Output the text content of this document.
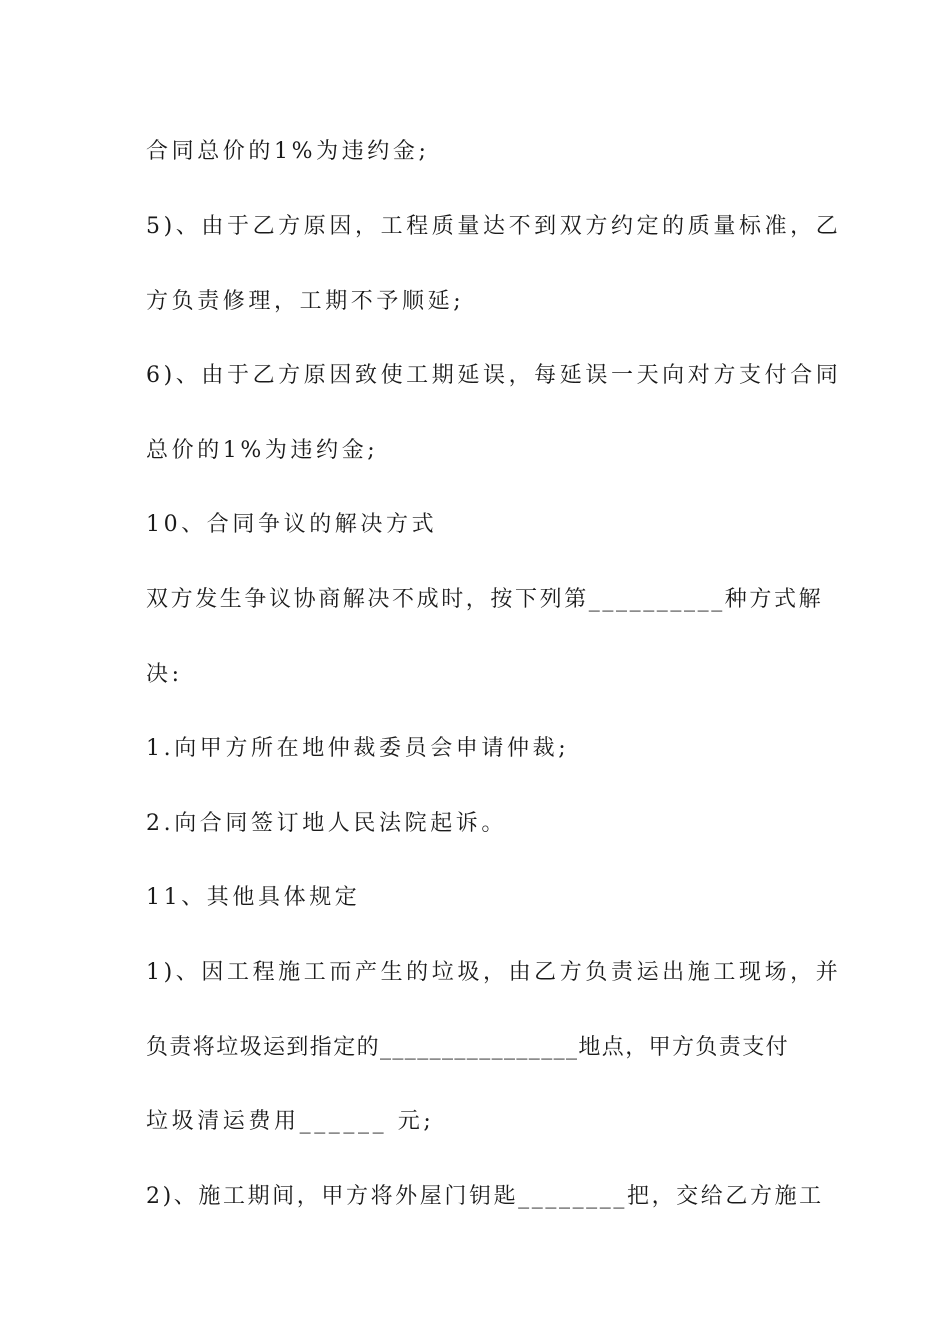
合同总价的1%为违约金;
5)、由于乙方原因，工程质量达不到双方约定的质量标准，乙
方负责修理，工期不予顺延;
6)、由于乙方原因致使工期延误，每延误一天向对方支付合同
总价的1%为违约金;
10、合同争议的解决方式
双方发生争议协商解决不成时，按下列第__________种方式解
决:
1.向甲方所在地仲裁委员会申请仲裁;
2.向合同签订地人民法院起诉。
11、其他具体规定
1)、因工程施工而产生的垃圾，由乙方负责运出施工现场，并
负责将垃圾运到指定的________________地点，甲方负责支付
垃圾清运费用______ 元;
2)、施工期间，甲方将外屋门钥匙________把，交给乙方施工
